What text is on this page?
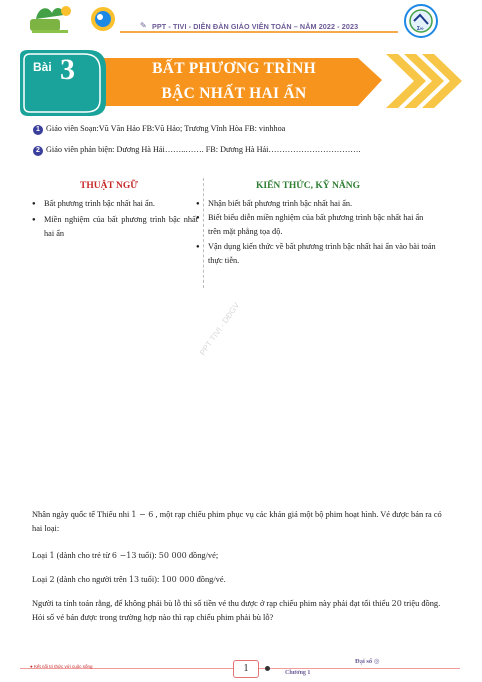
Σ∞
✎ PPT - TIVI - DIỄN ĐÀN GIÁO VIÊN TOÁN – NĂM 2022 - 2023
Bài 3	BẤT PHƯƠNG TRÌNH
BẬC NHẤT HAI ẨN
1 Giáo viên Soạn:Vũ Văn Hảo FB:Vũ Hảo; Trương Vĩnh Hòa FB: vinhhoa
2 Giáo viên phản biện: Dương Hà Hải……..……. FB: Dương Hà Hải…………………………….
THUẬT NGỮ	KIẾN THỨC, KỸ NĂNG
● Bất phương trình bậc nhất hai ẩn.
● Miền nghiệm của bất phương trình bậc nhất hai ẩn
● Nhận biết bất phương trình bậc nhất hai ẩn.
● Biết biểu diễn miền nghiệm của bất phương trình bậc nhất hai ẩn trên mặt phẳng tọa độ.
● Vận dụng kiến thức về bất phương trình bậc nhất hai ẩn vào bài toán thực tiễn.
PPT TIVI - DĐGV
Nhân ngày quốc tế Thiếu nhi 1 − 6 , một rạp chiếu phim phục vụ các khán giả một bộ phim hoạt hình. Vé được bán ra có hai loại:
Loại 1 (dành cho trẻ từ 6 −13 tuổi): 50 000 đồng/vé;
Loại 2 (dành cho người trên 13 tuổi): 100 000 đồng/vé.
Người ta tính toán rằng, để không phải bù lỗ thì số tiền vé thu được ở rạp chiếu phim này phải đạt tối thiểu 20 triệu đồng. Hỏi số vé bán được trong trường hợp nào thì rạp chiếu phim phải bù lỗ?
● Kết nối tri thức với cuộc sống	1	Chương 1
Đại số ◎
